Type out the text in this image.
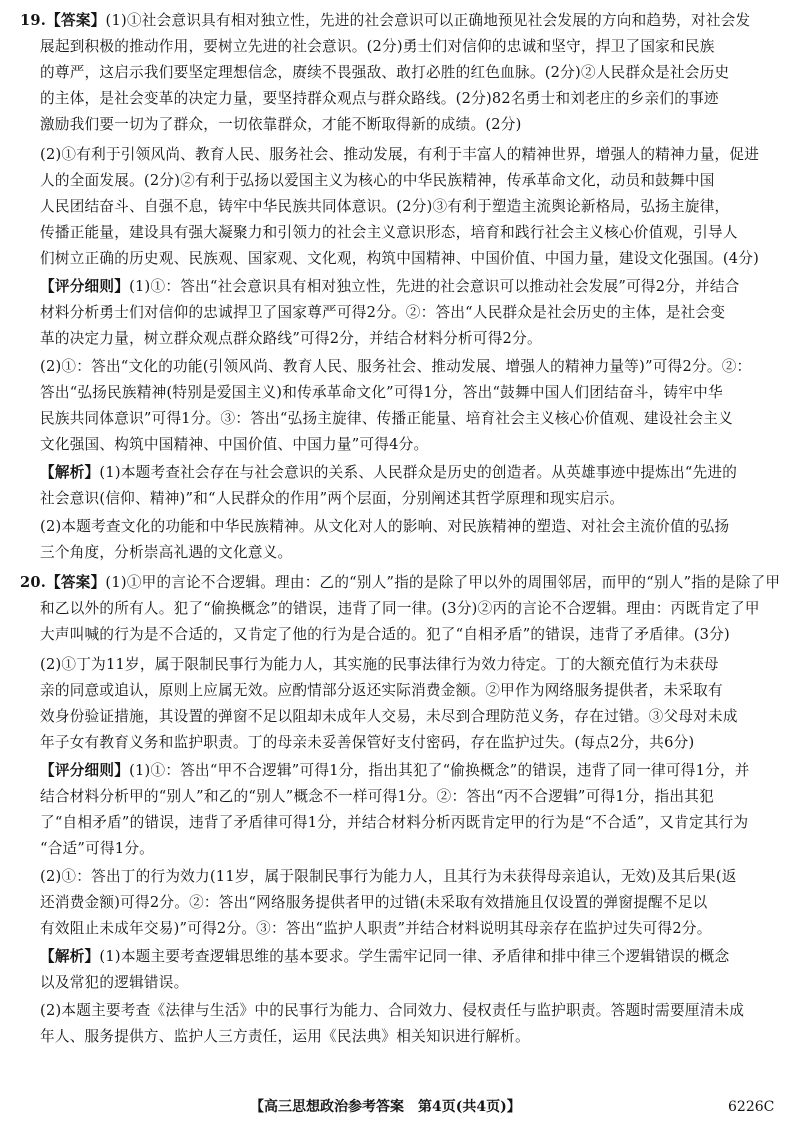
19.【答案】(1)①社会意识具有相对独立性，先进的社会意识可以正确地预见社会发展的方向和趋势，对社会发
展起到积极的推动作用，要树立先进的社会意识。(2分)勇士们对信仰的忠诚和坚守，捍卫了国家和民族
的尊严，这启示我们要坚定理想信念，赓续不畏强敌、敢打必胜的红色血脉。(2分)②人民群众是社会历史
的主体，是社会变革的决定力量，要坚持群众观点与群众路线。(2分)82名勇士和刘老庄的乡亲们的事迹
激励我们要一切为了群众，一切依靠群众，才能不断取得新的成绩。(2分)
(2)①有利于引领风尚、教育人民、服务社会、推动发展，有利于丰富人的精神世界，增强人的精神力量，促进
人的全面发展。(2分)②有利于弘扬以爱国主义为核心的中华民族精神，传承革命文化，动员和鼓舞中国
人民团结奋斗、自强不息，铸牢中华民族共同体意识。(2分)③有利于塑造主流舆论新格局，弘扬主旋律，
传播正能量，建设具有强大凝聚力和引领力的社会主义意识形态，培育和践行社会主义核心价值观，引导人
们树立正确的历史观、民族观、国家观、文化观，构筑中国精神、中国价值、中国力量，建设文化强国。(4分)
【评分细则】(1)①：答出“社会意识具有相对独立性，先进的社会意识可以推动社会发展”可得2分，并结合
材料分析勇士们对信仰的忠诚捍卫了国家尊严可得2分。②：答出“人民群众是社会历史的主体，是社会变
革的决定力量，树立群众观点群众路线”可得2分，并结合材料分析可得2分。
(2)①：答出“文化的功能(引领风尚、教育人民、服务社会、推动发展、增强人的精神力量等)”可得2分。②：
答出“弘扬民族精神(特别是爱国主义)和传承革命文化”可得1分，答出“鼓舞中国人们团结奋斗，铸牢中华
民族共同体意识”可得1分。③：答出“弘扬主旋律、传播正能量、培育社会主义核心价值观、建设社会主义
文化强国、构筑中国精神、中国价值、中国力量”可得4分。
【解析】(1)本题考查社会存在与社会意识的关系、人民群众是历史的创造者。从英雄事迹中提炼出“先进的
社会意识(信仰、精神)”和“人民群众的作用”两个层面，分别阐述其哲学原理和现实启示。
(2)本题考查文化的功能和中华民族精神。从文化对人的影响、对民族精神的塑造、对社会主流价值的弘扬
三个角度，分析崇高礼遇的文化意义。
20.【答案】(1)①甲的言论不合逻辑。理由：乙的“别人”指的是除了甲以外的周围邻居，而甲的“别人”指的是除了甲
和乙以外的所有人。犯了“偷换概念”的错误，违背了同一律。(3分)②丙的言论不合逻辑。理由：丙既肯定了甲
大声叫喊的行为是不合适的，又肯定了他的行为是合适的。犯了“自相矛盾”的错误，违背了矛盾律。(3分)
(2)①丁为11岁，属于限制民事行为能力人，其实施的民事法律行为效力待定。丁的大额充值行为未获母
亲的同意或追认，原则上应属无效。应酌情部分返还实际消费金额。②甲作为网络服务提供者，未采取有
效身份验证措施，其设置的弹窗不足以阻却未成年人交易，未尽到合理防范义务，存在过错。③父母对未成
年子女有教育义务和监护职责。丁的母亲未妥善保管好支付密码，存在监护过失。(每点2分，共6分)
【评分细则】(1)①：答出“甲不合逻辑”可得1分，指出其犯了“偷换概念”的错误，违背了同一律可得1分，并
结合材料分析甲的“别人”和乙的“别人”概念不一样可得1分。②：答出“丙不合逻辑”可得1分，指出其犯
了“自相矛盾”的错误，违背了矛盾律可得1分，并结合材料分析丙既肯定甲的行为是“不合适”，又肯定其行为
“合适”可得1分。
(2)①：答出丁的行为效力(11岁，属于限制民事行为能力人，且其行为未获得母亲追认，无效)及其后果(返
还消费金额)可得2分。②：答出“网络服务提供者甲的过错(未采取有效措施且仅设置的弹窗提醒不足以
有效阻止未成年交易)”可得2分。③：答出“监护人职责”并结合材料说明其母亲存在监护过失可得2分。
【解析】(1)本题主要考查逻辑思维的基本要求。学生需牢记同一律、矛盾律和排中律三个逻辑错误的概念
以及常犯的逻辑错误。
(2)本题主要考查《法律与生活》中的民事行为能力、合同效力、侵权责任与监护职责。答题时需要厘清未成
年人、服务提供方、监护人三方责任，运用《民法典》相关知识进行解析。
【高三思想政治参考答案　第4页(共4页)】	6226C
